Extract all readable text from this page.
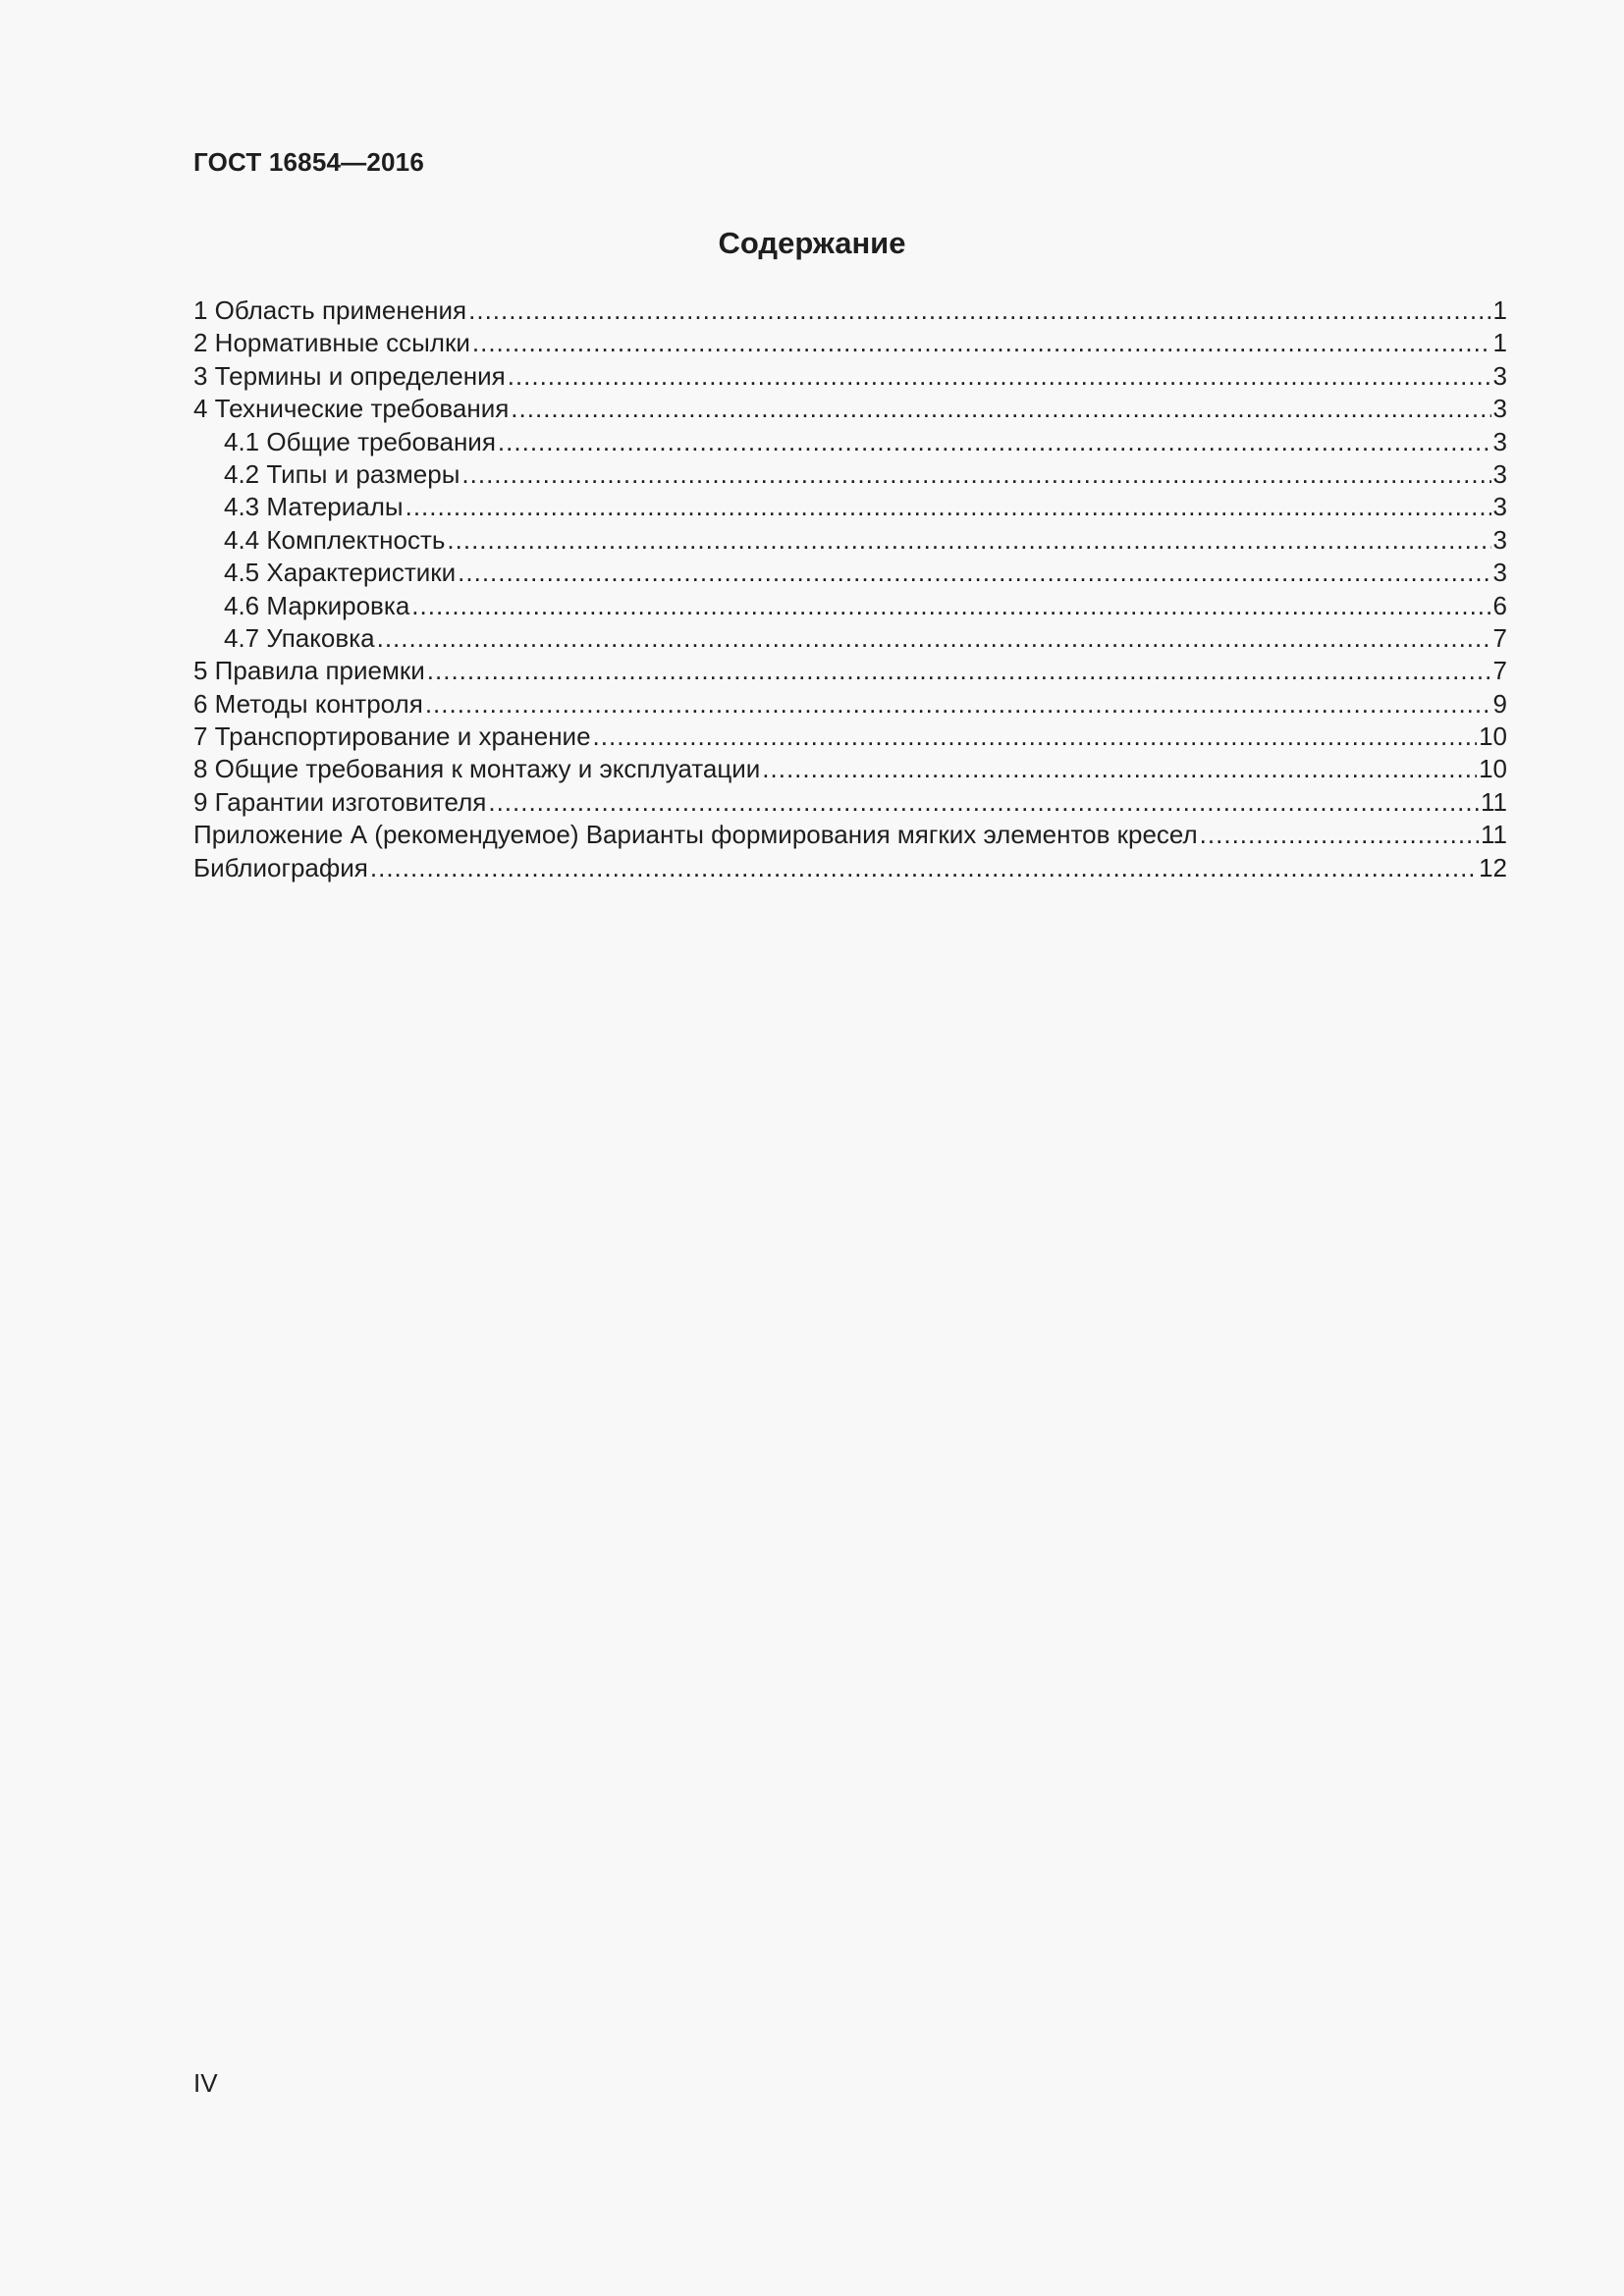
ГОСТ 16854—2016
Содержание
1 Область применения .....	1
2 Нормативные ссылки .....	1
3 Термины и определения .....	3
4 Технические требования .....	3
4.1 Общие требования .....	3
4.2 Типы и размеры .....	3
4.3 Материалы .....	3
4.4 Комплектность .....	3
4.5 Характеристики .....	3
4.6 Маркировка .....	6
4.7 Упаковка .....	7
5 Правила приемки .....	7
6 Методы контроля .....	9
7 Транспортирование и хранение .....	10
8 Общие требования к монтажу и эксплуатации .....	10
9 Гарантии изготовителя .....	11
Приложение А (рекомендуемое) Варианты формирования мягких элементов кресел .....	11
Библиография .....	12
IV
